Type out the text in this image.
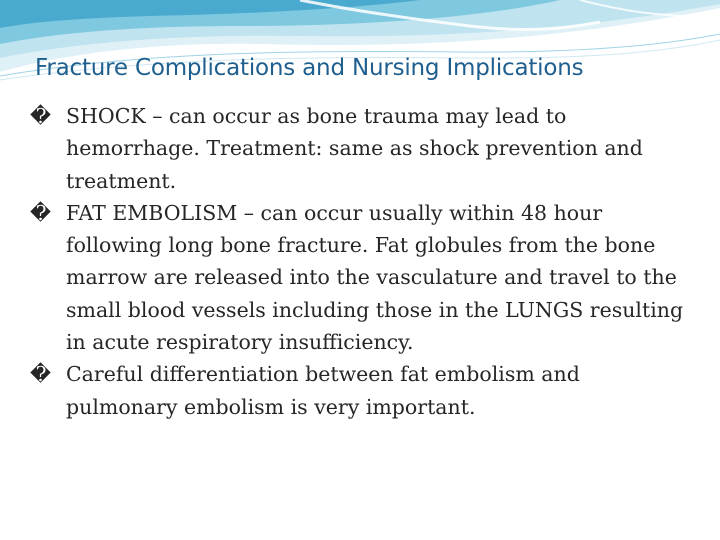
Fracture Complications and Nursing Implications
� SHOCK – can occur as bone trauma may lead to hemorrhage. Treatment: same as shock prevention and treatment.
� FAT EMBOLISM – can occur usually within 48 hour following long bone fracture. Fat globules from the bone marrow are released into the vasculature and travel to the small blood vessels including those in the LUNGS resulting in acute respiratory insufficiency.
� Careful differentiation between fat embolism and pulmonary embolism is very important.
